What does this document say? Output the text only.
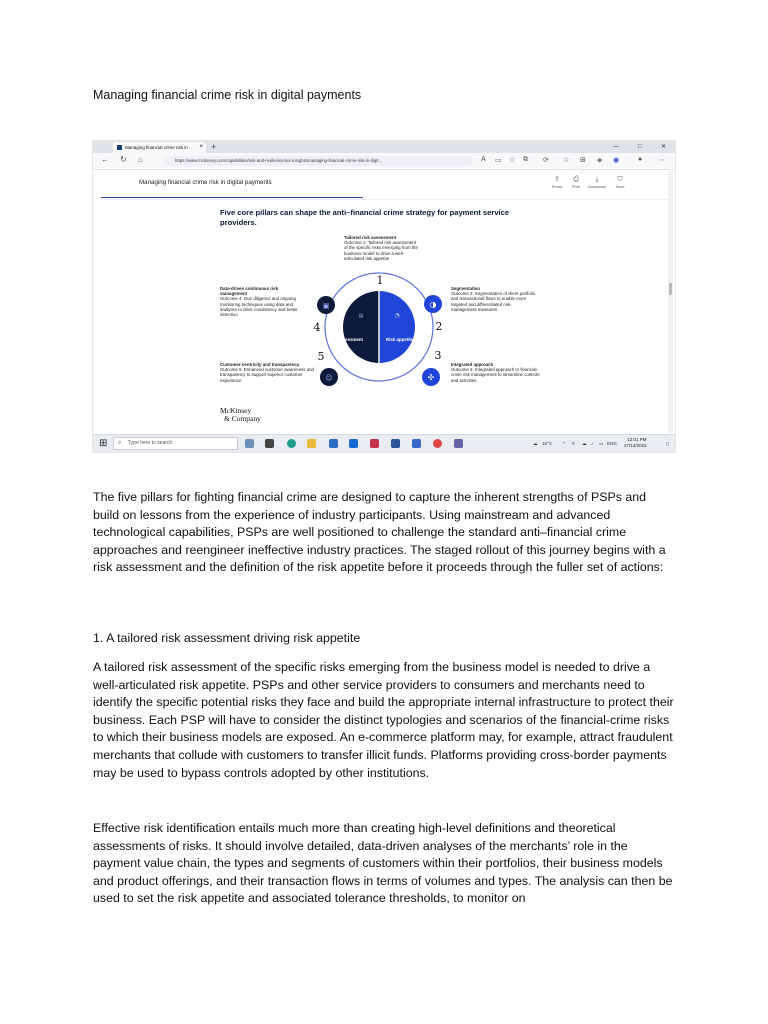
Managing financial crime risk in digital payments
Managing financial crime risk in × +	—	□	✕
← ↻ ⌂	https://www.mckinsey.com/capabilities/risk-and-resilience/our-insights/managing-financial-crime-risk-in-digit...	A ▭ ☆ ⧉ ⟳ ☆ ⊞ ◈ ◉	● ⋯
Managing financial crime risk in digital payments	⇪
Share
⎙
Print
⤓
Download
⛉
Save
Five core pillars can shape the anti–financial crime strategy for payment service providers.
▤	◔
Risk assessment	Risk appetite
◑
✣
▣
☺
1
2
3
4
5
Tailored risk assessment
Outcome 1: Tailored risk assessment of the specific risks emerging from the business model to drive a well-articulated risk appetite
Segmentation
Outcome 2: Segmentation of client portfolio and transactional flows to enable more targeted and differentiated risk-management measures
Integrated approach
Outcome 3: Integrated approach to financial-crime risk management to streamline controls and activities
Data-driven continuous risk management
Outcome 4: Due diligence and ongoing monitoring techniques using data and analytics to drive consistency and better detection
Customer-centricity and transparency
Outcome 5: Enhanced customer awareness and transparency to support superior customer experience
McKinsey
& Company
⊞ ⌕ Type here to search	☁ 18°C ^ ⌾ ☁ ♪ ▭ ENG
12:01 PM
27/12/2022	▯
The five pillars for fighting financial crime are designed to capture the inherent strengths of PSPs and build on lessons from the experience of industry participants. Using mainstream and advanced technological capabilities, PSPs are well positioned to challenge the standard anti–financial crime approaches and reengineer ineffective industry practices. The staged rollout of this journey begins with a risk assessment and the definition of the risk appetite before it proceeds through the fuller set of actions:
1. A tailored risk assessment driving risk appetite
A tailored risk assessment of the specific risks emerging from the business model is needed to drive a well-articulated risk appetite. PSPs and other service providers to consumers and merchants need to identify the specific potential risks they face and build the appropriate internal infrastructure to protect their business. Each PSP will have to consider the distinct typologies and scenarios of the financial-crime risks to which their business models are exposed. An e-commerce platform may, for example, attract fraudulent merchants that collude with customers to transfer illicit funds. Platforms providing cross-border payments may be used to bypass controls adopted by other institutions.
Effective risk identification entails much more than creating high-level definitions and theoretical assessments of risks. It should involve detailed, data-driven analyses of the merchants’ role in the payment value chain, the types and segments of customers within their portfolios, their business models and product offerings, and their transaction flows in terms of volumes and types. The analysis can then be used to set the risk appetite and associated tolerance thresholds, to monitor on
